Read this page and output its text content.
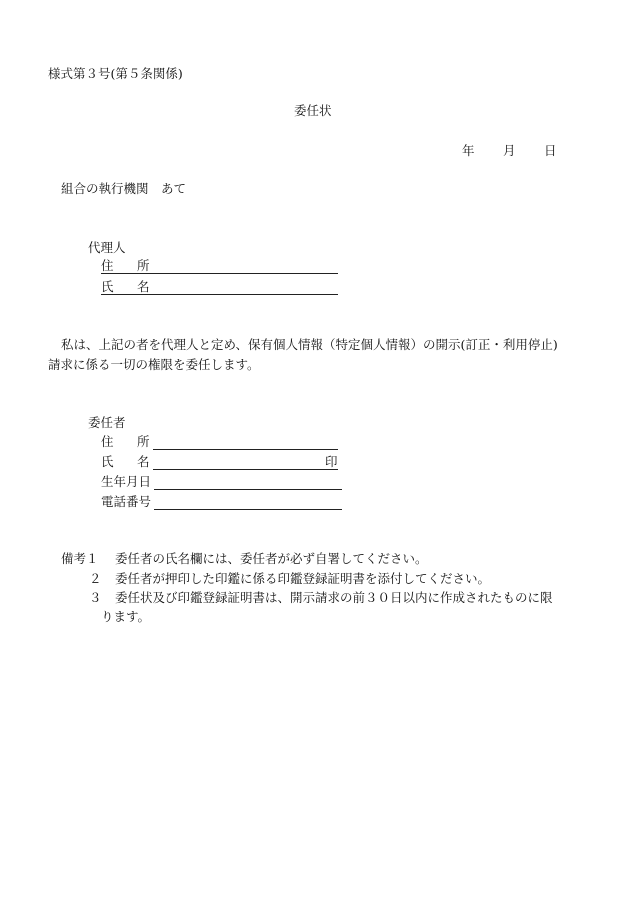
様式第３号(第５条関係)
委任状
年 月 日
組合の執行機関　あて
代理人
住 所
氏 名
私は、上記の者を代理人と定め、保有個人情報（特定個人情報）の開示(訂正・利用停止)
請求に係る一切の権限を委任します。
委任者
住 所
氏 名	印
生年月日
電話番号
備考１ 委任者の氏名欄には、委任者が必ず自署してください。
２ 委任者が押印した印鑑に係る印鑑登録証明書を添付してください。
３ 委任状及び印鑑登録証明書は、開示請求の前３０日以内に作成されたものに限
ります。
